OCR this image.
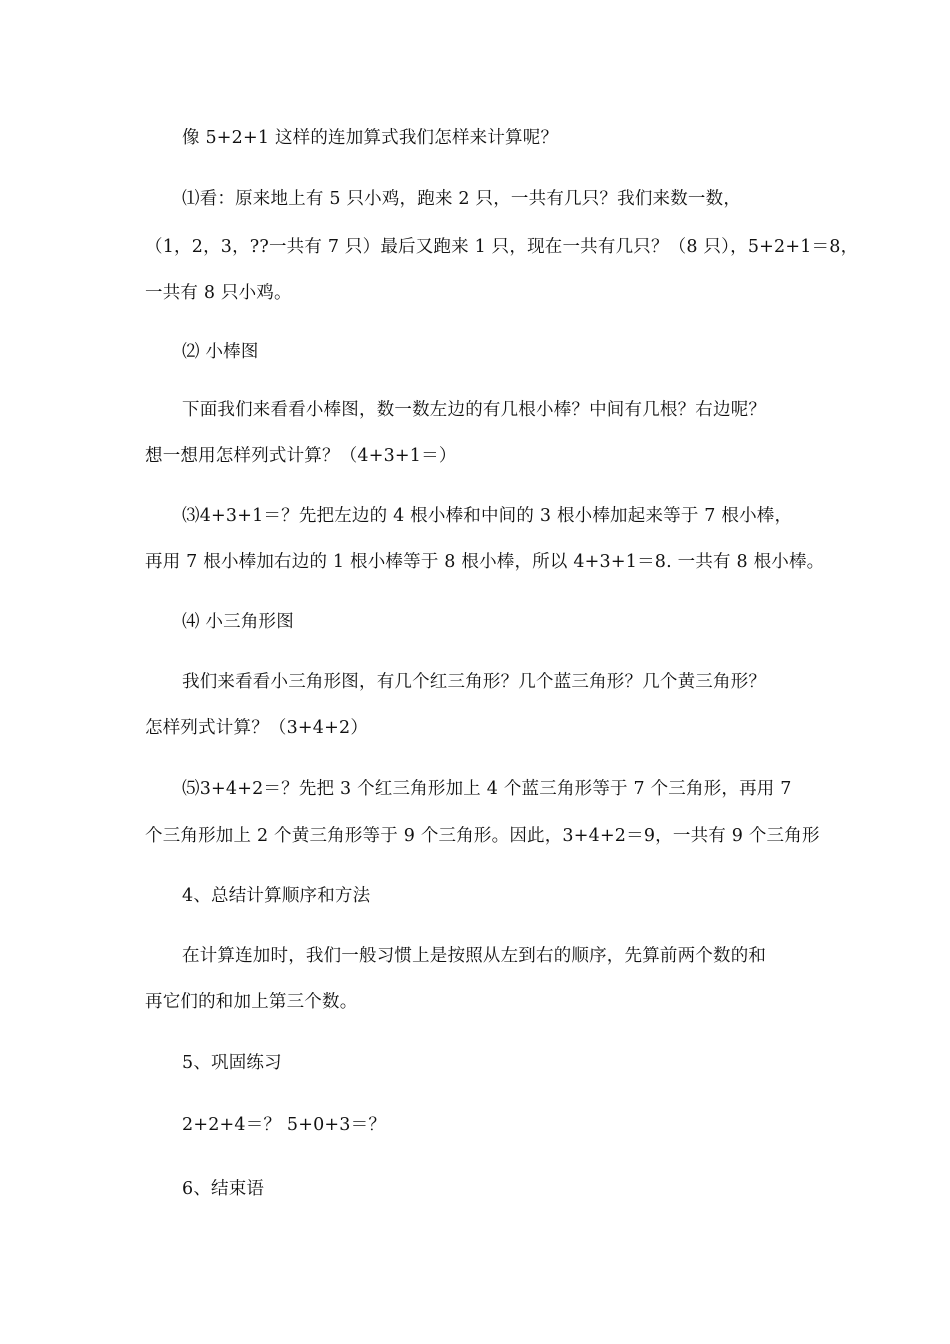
像 5+2+1 这样的连加算式我们怎样来计算呢？
⑴看：原来地上有 5 只小鸡，跑来 2 只，一共有几只？我们来数一数，
（1，2，3，??一共有 7 只）最后又跑来 1 只，现在一共有几只？（8 只），5+2+1＝8，
一共有 8 只小鸡。
⑵ 小棒图
下面我们来看看小棒图，数一数左边的有几根小棒？中间有几根？右边呢？
想一想用怎样列式计算？（4+3+1＝）
⑶4+3+1＝？先把左边的 4 根小棒和中间的 3 根小棒加起来等于 7 根小棒，
再用 7 根小棒加右边的 1 根小棒等于 8 根小棒，所以 4+3+1＝8. 一共有 8 根小棒。
⑷ 小三角形图
我们来看看小三角形图，有几个红三角形？几个蓝三角形？几个黄三角形？
怎样列式计算？（3+4+2）
⑸3+4+2＝？先把 3 个红三角形加上 4 个蓝三角形等于 7 个三角形，再用 7
个三角形加上 2 个黄三角形等于 9 个三角形。因此，3+4+2＝9，一共有 9 个三角形
4、总结计算顺序和方法
在计算连加时，我们一般习惯上是按照从左到右的顺序，先算前两个数的和
再它们的和加上第三个数。
5、巩固练习
2+2+4＝？ 5+0+3＝？
6、结束语
